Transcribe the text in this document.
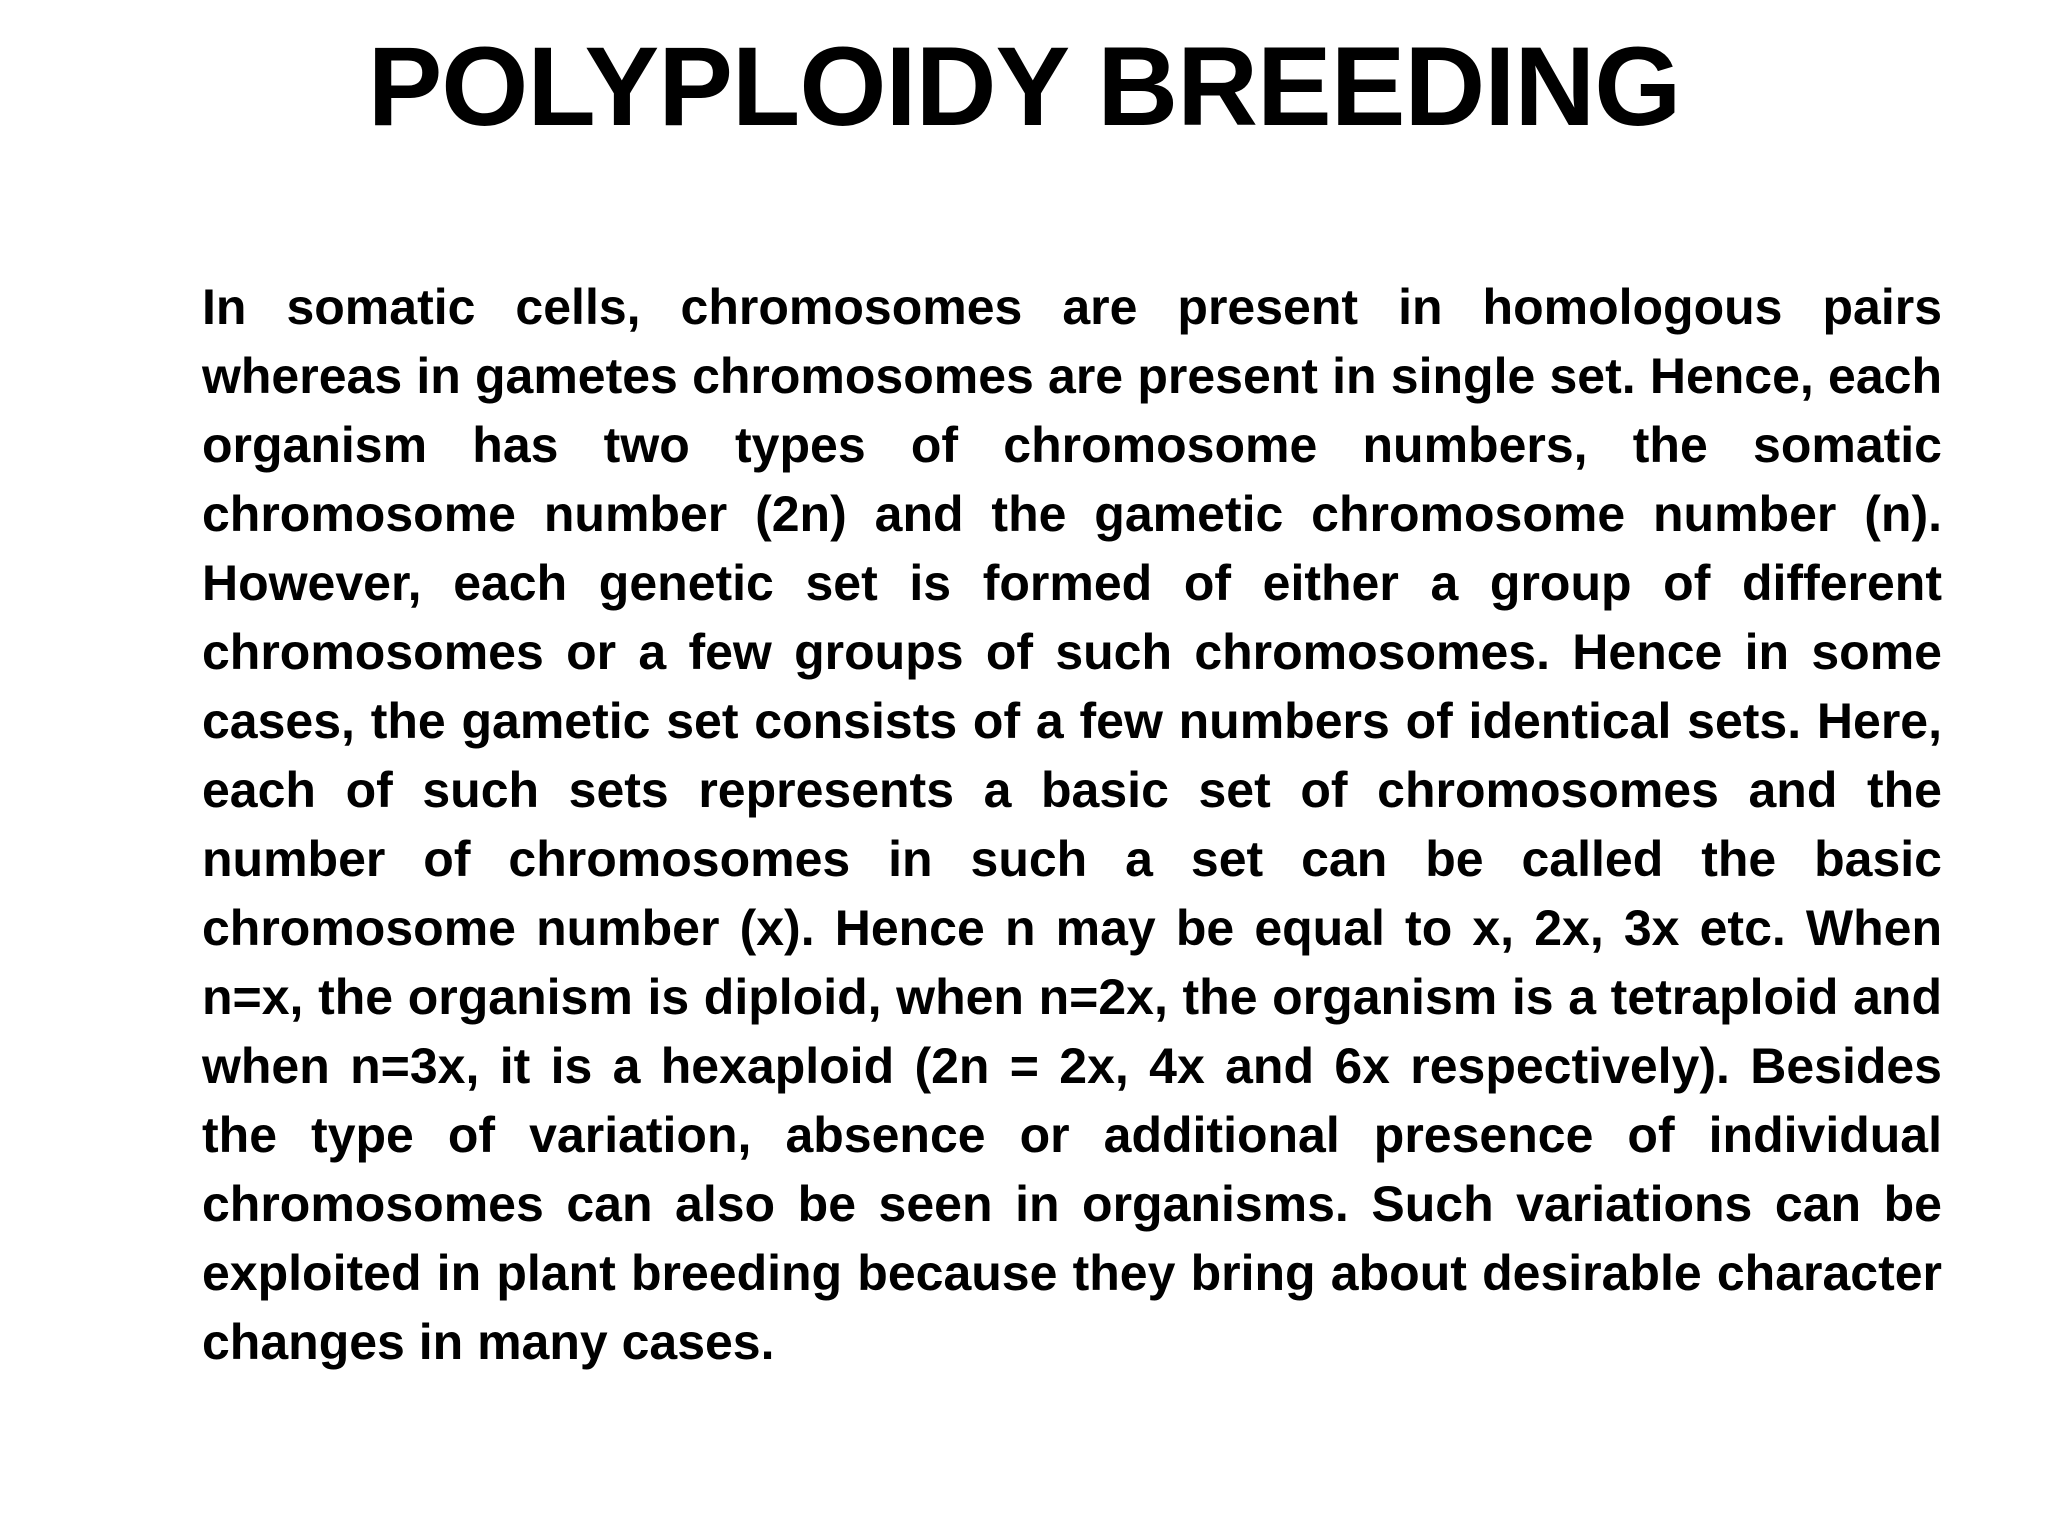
POLYPLOIDY BREEDING

In somatic cells, chromosomes are present in homologous pairs whereas in gametes chromosomes are present in single set. Hence, each organism has two types of chromosome numbers, the somatic chromosome number (2n) and the gametic chromosome number (n). However, each genetic set is formed of either a group of different chromosomes or a few groups of such chromosomes. Hence in some cases, the gametic set consists of a few numbers of identical sets. Here, each of such sets represents a basic set of chromosomes and the number of chromosomes in such a set can be called the basic chromosome number (x). Hence n may be equal to x, 2x, 3x etc. When n=x, the organism is diploid, when n=2x, the organism is a tetraploid and when n=3x, it is a hexaploid (2n = 2x, 4x and 6x respectively). Besides the type of variation, absence or additional presence of individual chromosomes can also be seen in organisms. Such variations can be exploited in plant breeding because they bring about desirable character changes in many cases.
